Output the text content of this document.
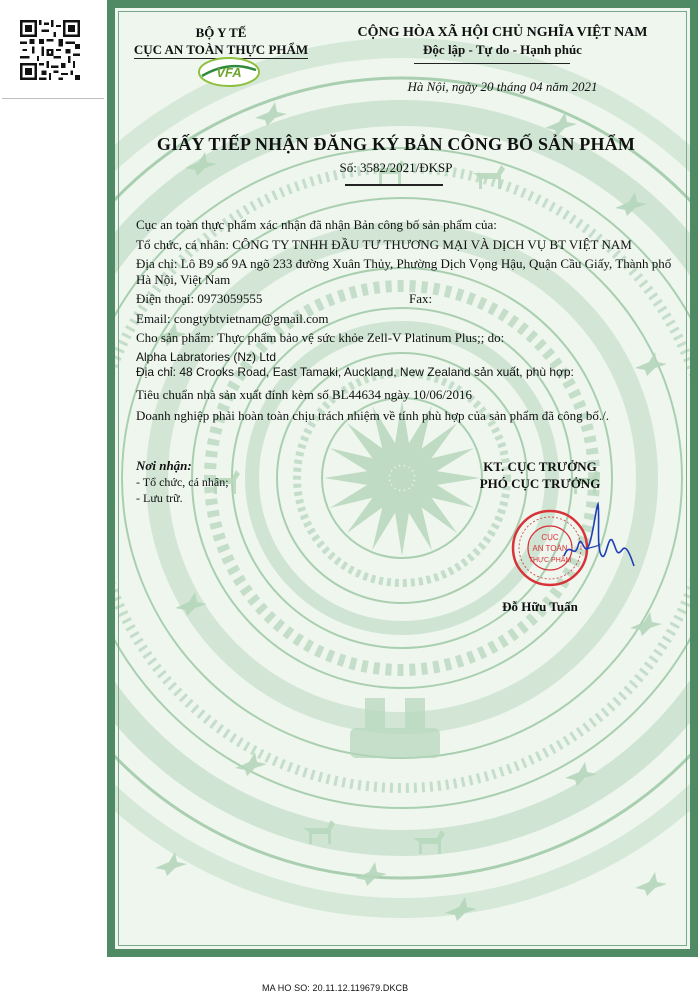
BỘ Y TẾ
CỤC AN TOÀN THỰC PHẨM
VFA
CỘNG HÒA XÃ HỘI CHỦ NGHĨA VIỆT NAM
Độc lập - Tự do - Hạnh phúc
Hà Nội, ngày 20 tháng 04 năm 2021
GIẤY TIẾP NHẬN ĐĂNG KÝ BẢN CÔNG BỐ SẢN PHẨM
Số: 3582/2021/ĐKSP

Cục an toàn thực phẩm xác nhận đã nhận Bản công bố sản phẩm của:

Tổ chức, cá nhân: CÔNG TY TNHH ĐẦU TƯ THƯƠNG MẠI VÀ DỊCH VỤ BT VIỆT NAM

Địa chỉ: Lô B9 số 9A ngõ 233 đường Xuân Thủy, Phường Dịch Vọng Hậu, Quận Cầu Giấy, Thành phố Hà Nội, Việt Nam

Điện thoại: 0973059555	Fax:

Email: congtybtvietnam@gmail.com

Cho sản phẩm: Thực phẩm bảo vệ sức khỏe Zell-V Platinum Plus;; do:

Alpha Labratories (Nz) Ltd

Địa chỉ: 48 Crooks Road, East Tamaki, Auckland, New Zealand sản xuất, phù hợp:

Tiêu chuẩn nhà sản xuất đính kèm số BL44634 ngày 10/06/2016

Doanh nghiệp phải hoàn toàn chịu trách nhiệm về tính phù hợp của sản phẩm đã công bố./.

Nơi nhận:
- Tổ chức, cá nhân;
- Lưu trữ.
KT. CỤC TRƯỞNG
PHÓ CỤC TRƯỞNG
CỤC
AN TOÀN
THỰC PHẨM
Đỗ Hữu Tuấn
MA HO SO: 20.11.12.119679.DKCB
